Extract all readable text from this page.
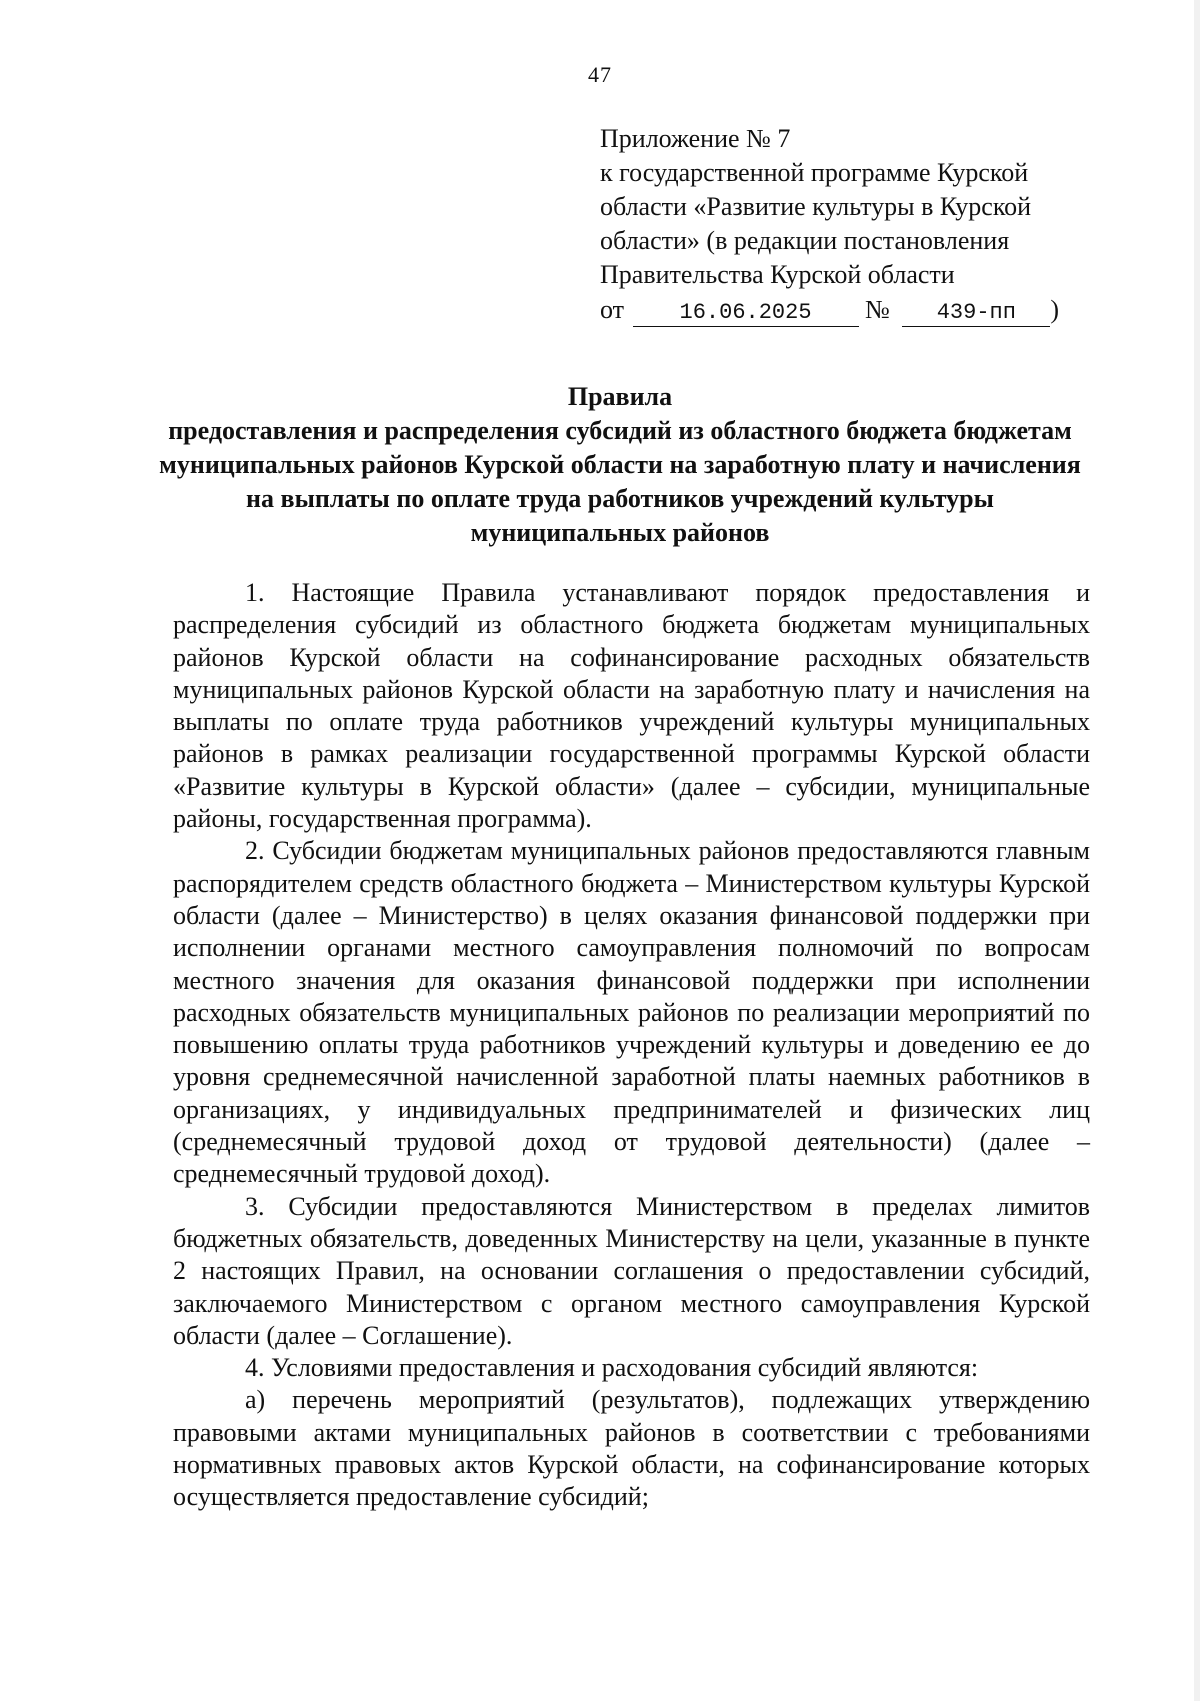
47
Приложение № 7
к государственной программе Курской
области «Развитие культуры в Курской
области» (в редакции постановления
Правительства Курской области
от	16.06.2025 № 439-пп )
Правила
предоставления и распределения субсидий из областного бюджета бюджетам муниципальных районов Курской области на заработную плату и начисления на выплаты по оплате труда работников учреждений культуры муниципальных районов

1. Настоящие Правила устанавливают порядок предоставления и распределения субсидий из областного бюджета бюджетам муниципальных районов Курской области на софинансирование расходных обязательств муниципальных районов Курской области на заработную плату и начисления на выплаты по оплате труда работников учреждений культуры муниципальных районов в рамках реализации государственной программы Курской области «Развитие культуры в Курской области» (далее – субсидии, муниципальные районы, государственная программа).

2. Субсидии бюджетам муниципальных районов предоставляются главным распорядителем средств областного бюджета – Министерством культуры Курской области (далее – Министерство) в целях оказания финансовой поддержки при исполнении органами местного самоуправления полномочий по вопросам местного значения для оказания финансовой поддержки при исполнении расходных обязательств муниципальных районов по реализации мероприятий по повышению оплаты труда работников учреждений культуры и доведению ее до уровня среднемесячной начисленной заработной платы наемных работников в организациях, у индивидуальных предпринимателей и физических лиц (среднемесячный трудовой доход от трудовой деятельности) (далее – среднемесячный трудовой доход).

3. Субсидии предоставляются Министерством в пределах лимитов бюджетных обязательств, доведенных Министерству на цели, указанные в пункте 2 настоящих Правил, на основании соглашения о предоставлении субсидий, заключаемого Министерством с органом местного самоуправления Курской области (далее – Соглашение).

4. Условиями предоставления и расходования субсидий являются:

а) перечень мероприятий (результатов), подлежащих утверждению правовыми актами муниципальных районов в соответствии с требованиями нормативных правовых актов Курской области, на софинансирование которых осуществляется предоставление субсидий;
